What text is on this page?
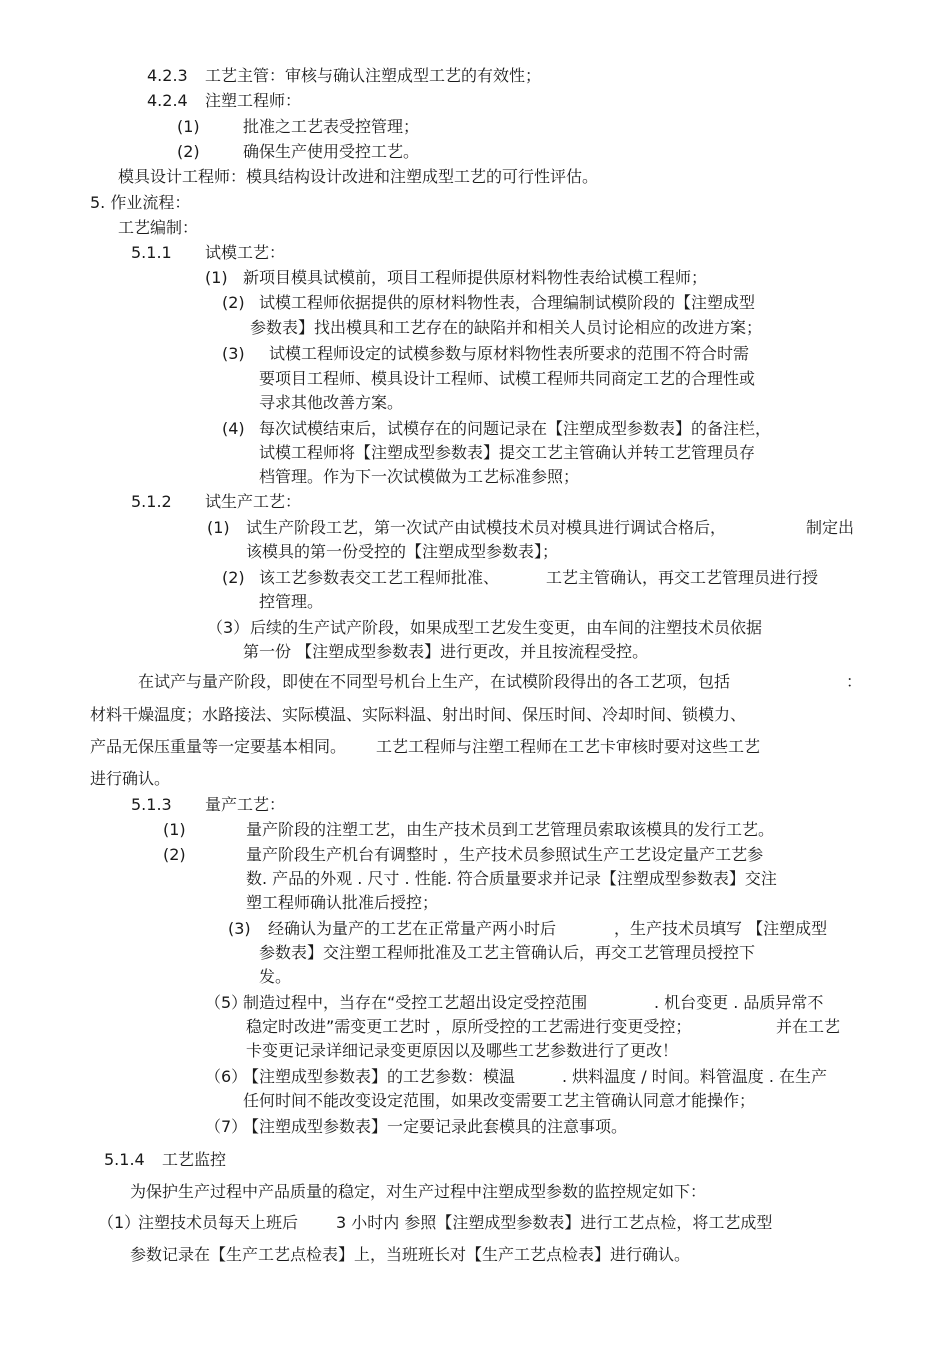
4.2.3 工艺主管：审核与确认注塑成型工艺的有效性；
4.2.4 注塑工程师：
(1)	批准之工艺表受控管理；
(2)	确保生产使用受控工艺。
模具设计工程师：模具结构设计改进和注塑成型工艺的可行性评估。
5. 作业流程：
工艺编制：
5.1.1 试模工艺：
(1) 新项目模具试模前，项目工程师提供原材料物性表给试模工程师；
(2) 试模工程师依据提供的原材料物性表，合理编制试模阶段的【注塑成型
参数表】找出模具和工艺存在的缺陷并和相关人员讨论相应的改进方案；
(3) 试模工程师设定的试模参数与原材料物性表所要求的范围不符合时需
要项目工程师、模具设计工程师、试模工程师共同商定工艺的合理性或
寻求其他改善方案。
(4) 每次试模结束后，试模存在的问题记录在【注塑成型参数表】的备注栏，
试模工程师将【注塑成型参数表】提交工艺主管确认并转工艺管理员存
档管理。作为下一次试模做为工艺标准参照；
5.1.2 试生产工艺：
(1) 试生产阶段工艺，第一次试产由试模技术员对模具进行调试合格后，	制定出
该模具的第一份受控的【注塑成型参数表】；
(2) 该工艺参数表交工艺工程师批准、	工艺主管确认，再交工艺管理员进行授
控管理。
（3） 后续的生产试产阶段，如果成型工艺发生变更，由车间的注塑技术员依据
第一份 【注塑成型参数表】进行更改，并且按流程受控。
在试产与量产阶段，即使在不同型号机台上生产，在试模阶段得出的各工艺项，包括	：
材料干燥温度；水路接法、实际模温、实际料温、射出时间、保压时间、冷却时间、锁模力、
产品无保压重量等一定要基本相同。 工艺工程师与注塑工程师在工艺卡审核时要对这些工艺
进行确认。
5.1.3 量产工艺：
(1)	量产阶段的注塑工艺，由生产技术员到工艺管理员索取该模具的发行工艺。
(2)	量产阶段生产机台有调整时 ，生产技术员参照试生产工艺设定量产工艺参
数. 产品的外观 . 尺寸 . 性能. 符合质量要求并记录【注塑成型参数表】交注
塑工程师确认批准后授控；
(3) 经确认为量产的工艺在正常量产两小时后	，生产技术员填写 【注塑成型
参数表】交注塑工程师批准及工艺主管确认后，再交工艺管理员授控下
发。
（5）
制造过程中，当存在“受控工艺超出设定受控范围	. 机台变更 . 品质异常不
稳定时改进”需变更工艺时 ，原所受控的工艺需进行变更受控；	并在工艺
卡变更记录详细记录变更原因以及哪些工艺参数进行了更改！
（6）
【注塑成型参数表】的工艺参数：模温	. 烘料温度 / 时间。料管温度 . 在生产
任何时间不能改变设定范围，如果改变需要工艺主管确认同意才能操作；
（7）
【注塑成型参数表】一定要记录此套模具的注意事项。
5.1.4 工艺监控
为保护生产过程中产品质量的稳定，对生产过程中注塑成型参数的监控规定如下：
（1）
注塑技术员每天上班后 3 小时内 参照【注塑成型参数表】进行工艺点检，将工艺成型
参数记录在【生产工艺点检表】上，当班班长对【生产工艺点检表】进行确认。
